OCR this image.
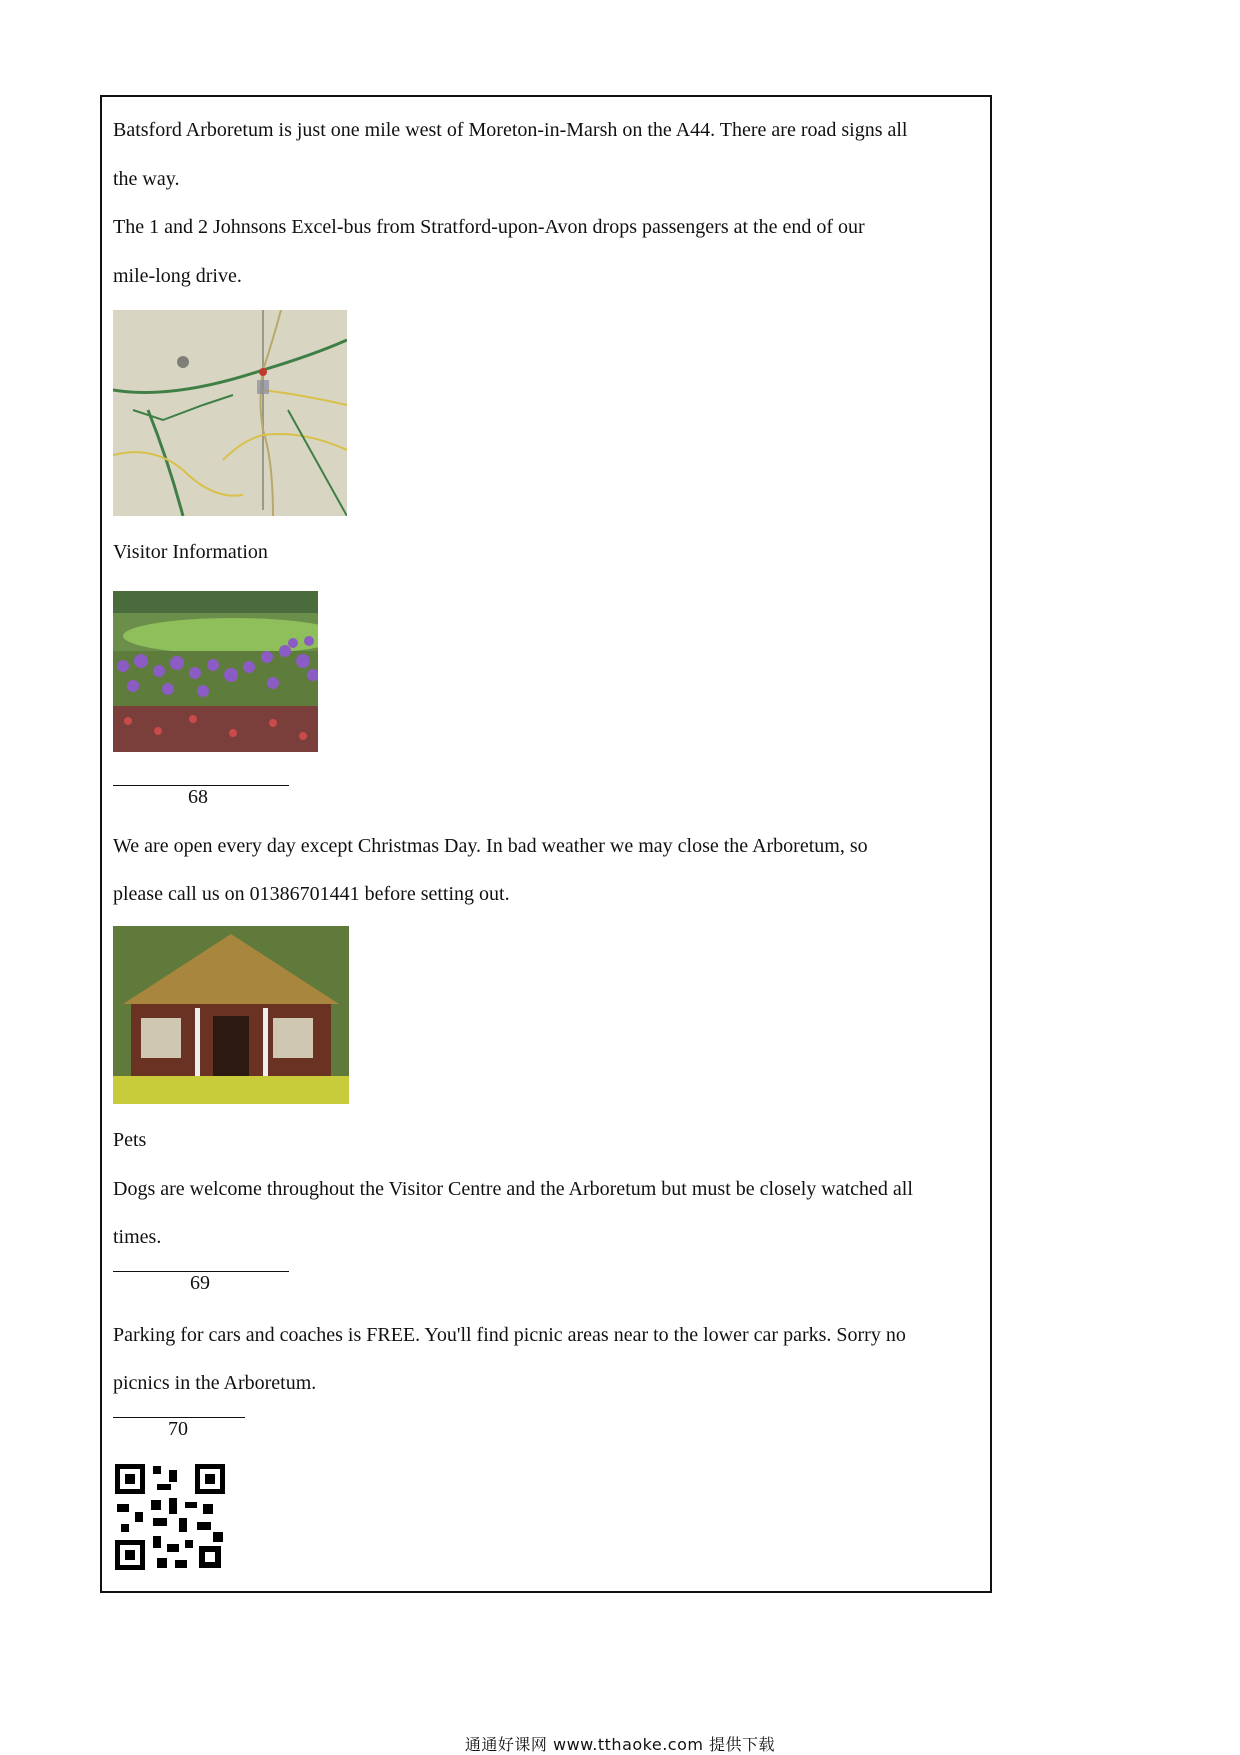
Batsford Arboretum is just one mile west of Moreton-in-Marsh on the A44. There are road signs all
the way.
The 1 and 2 Johnsons Excel-bus from Stratford-upon-Avon drops passengers at the end of our
mile-long drive.
Visitor Information
68
We are open every day except Christmas Day. In bad weather we may close the Arboretum, so
please call us on 01386701441 before setting out.
Pets
Dogs are welcome throughout the Visitor Centre and the Arboretum but must be closely watched all
times.
69
Parking for cars and coaches is FREE. You'll find picnic areas near to the lower car parks. Sorry no
picnics in the Arboretum.
70
通通好课网 www.tthaoke.com 提供下载
